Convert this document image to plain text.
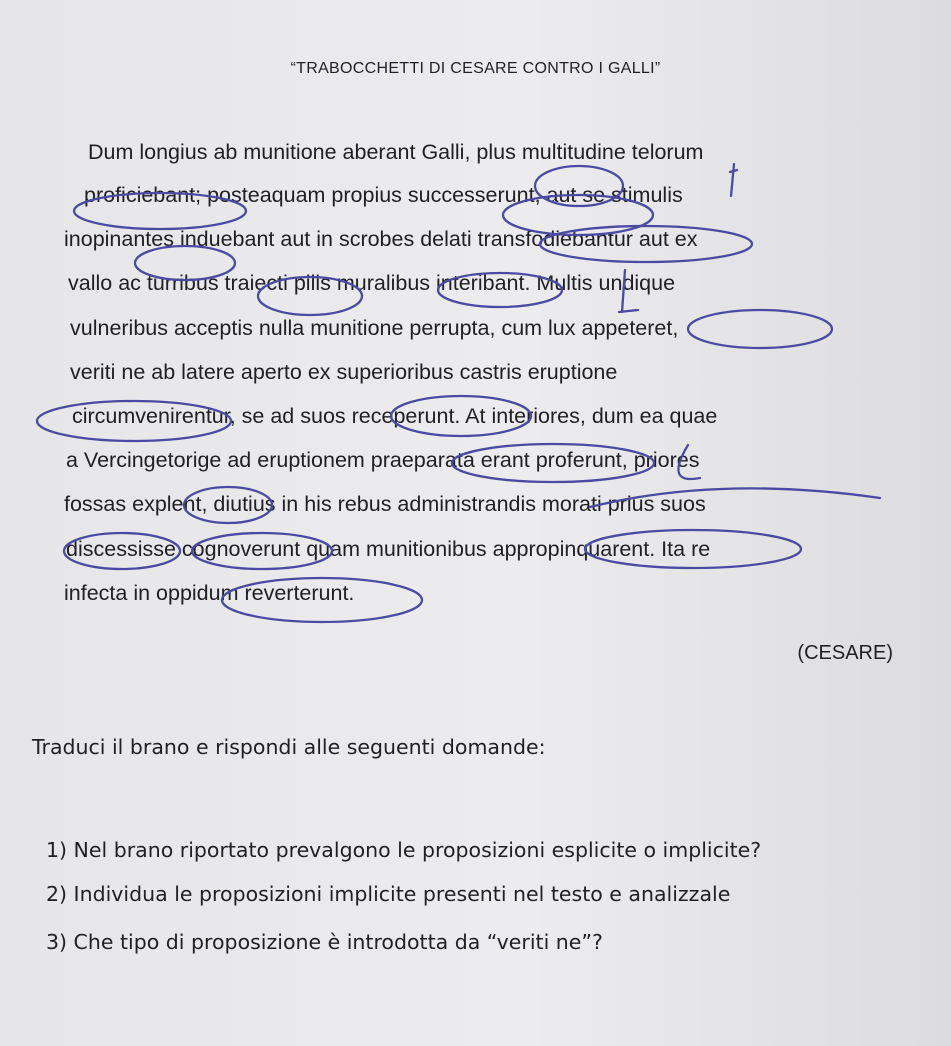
“TRABOCCHETTI DI CESARE CONTRO I GALLI”
Dum longius ab munitione aberant Galli, plus multitudine telorum
proficiebant; posteaquam propius successerunt, aut se stimulis
inopinantes induebant aut in scrobes delati transfodiebantur aut ex
vallo ac turribus traiecti pilis muralibus interibant. Multis undique
vulneribus acceptis nulla munitione perrupta, cum lux appeteret,
veriti ne ab latere aperto ex superioribus castris eruptione
circumvenirentur, se ad suos receperunt. At interiores, dum ea quae
a Vercingetorige ad eruptionem praeparata erant proferunt, priores
fossas explent, diutius in his rebus administrandis morati prius suos
discessisse cognoverunt quam munitionibus appropinquarent. Ita re
infecta in oppidum reverterunt.
(CESARE)
Traduci il brano e rispondi alle seguenti domande:
1) Nel brano riportato prevalgono le proposizioni esplicite o implicite?
2) Individua le proposizioni implicite presenti nel testo e analizzale
3) Che tipo di proposizione è introdotta da “veriti ne”?
